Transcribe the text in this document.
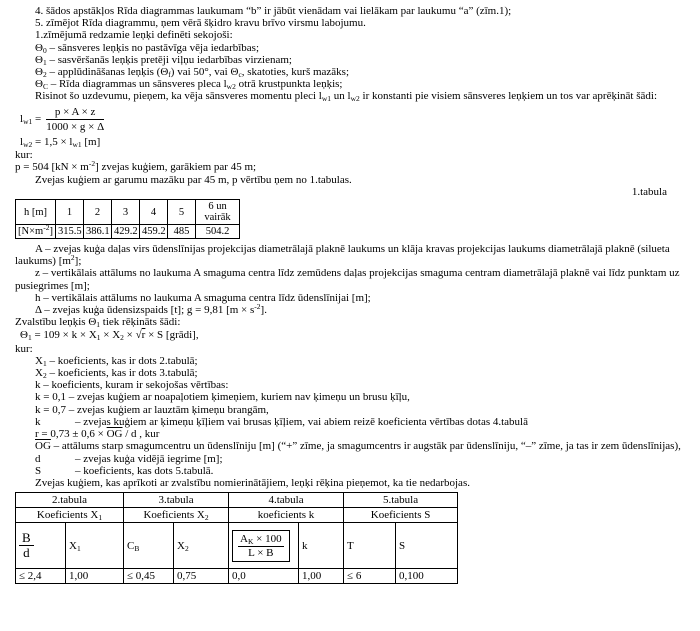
4. šādos apstākļos Rīda diagrammas laukumam “b” ir jābūt vienādam vai lielākam par laukumu “a” (zīm.1);

5. zīmējot Rīda diagrammu, ņem vērā šķidro kravu brīvo virsmu labojumu.

1.zīmējumā redzamie leņķi definēti sekojoši:

$\Theta_0$ – sānsveres leņķis no pastāvīga vēja iedarbības;

$\Theta_1$ – sasvēršanās leņķis pretēji viļņu iedarbības virzienam;

$\Theta_2$ – applūdināšanas leņķis $(\Theta_f)$ vai 50°, vai $\Theta_c$, skatoties, kurš mazāks;

$\Theta_C$ – Rīda diagrammas un sānsveres pleca $l_{w2}$ otrā krustpunkta leņķis;

Risinot šo uzdevumu, pieņem, ka vēja sānsveres momentu pleci $l_{w1}$ un $l_{w2}$ ir konstanti pie visiem sānsveres leņķiem un tos var aprēķināt šādi:

$l_{w1} = \frac{p \times A \times z}{1000 \times g \times \Delta}$

$l_{w2} = 1,5 \times l_{w1}$ [m]

kur:

p = 504 $[kN \times m^{-2}]$ zvejas kuģiem, garākiem par 45 m;

Zvejas kuģiem ar garumu mazāku par 45 m, p vērtību ņem no 1.tabulas.

1.tabula

h [m]	1	2	3	4	5	6 un vairāk
$[N\times m^{-2}]$	315.5	386.1	429.2	459.2	485	504.2

A – zvejas kuģa daļas virs ūdenslīnijas projekcijas diametrālajā plaknē laukums un klāja kravas projekcijas laukums diametrālajā plaknē (silueta laukums) $[m^2]$;

z – vertikālais attālums no laukuma A smaguma centra līdz zemūdens daļas projekcijas smaguma centram diametrālajā plaknē vai līdz punktam uz pusiegrimes [m];

h – vertikālais attālums no laukuma A smaguma centra līdz ūdenslīnijai [m];

Δ – zvejas kuģa ūdensizspaids [t]; g = 9,81 $[m \times s^{-2}]$.

Zvalstību leņķis $\Theta_1$ tiek rēķināts šādi:

$\Theta_1 = 109 \times k \times X_1 \times X_2 \times √r \times S$ [grādi],

kur:

$X_1$ – koeficients, kas ir dots 2.tabulā;

$X_2$ – koeficients, kas ir dots 3.tabulā;

k – koeficients, kuram ir sekojošas vērtības:

k = 0,1 – zvejas kuģiem ar noapaļotiem ķimeņiem, kuriem nav ķimeņu un brusu ķīļu,

k = 0,7 – zvejas kuģiem ar lauztām ķimeņu brangām,

k	– zvejas kuģiem ar ķimeņu ķīļiem vai brusas ķīļiem, vai abiem reizē koeficienta vērtības dotas 4.tabulā

$r = 0,73 \pm 0,6 \times \overline{OG} / d$ , kur

$\overline{OG}$ – attālums starp smagumcentru un ūdenslīniju [m] (“+” zīme, ja smagumcentrs ir augstāk par ūdenslīniju, “–” zīme, ja tas ir zem ūdenslīnijas),

d	– zvejas kuģa vidējā iegrime [m];

S	– koeficients, kas dots 5.tabulā.

Zvejas kuģiem, kas aprīkoti ar zvalstību nomierinātājiem, leņķi rēķina pieņemot, ka tie nedarbojas.

2.tabula		3.tabula		4.tabula		5.tabula	
Koeficients $X_1$		Koeficients $X_2$		koeficients k		Koeficients S	

$\frac{B}{d}$	$X_1$	$C_B$	$X_2$	$\frac{A_K \times 100}{L \times B}$	k	T	S
≤ 2,4	1,00	≤ 0,45	0,75	0,0	1,00	≤ 6	0,100
